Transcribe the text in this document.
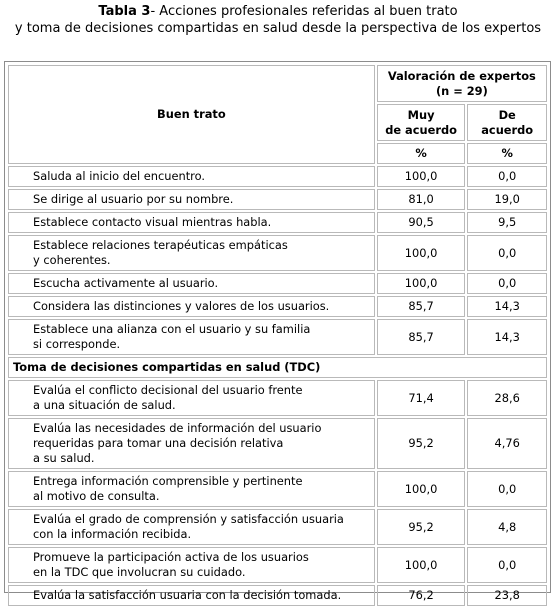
Tabla 3- Acciones profesionales referidas al buen trato
y toma de decisiones compartidas en salud desde la perspectiva de los expertos
Buen trato	Valoración de expertos
(n = 29)	
	Muy
de acuerdo	De
acuerdo
	%	%
Saluda al inicio del encuentro.	100,0	0,0
Se dirige al usuario por su nombre.	81,0	19,0
Establece contacto visual mientras habla.	90,5	9,5
Establece relaciones terapéuticas empáticas
y coherentes.	100,0	0,0
Escucha activamente al usuario.	100,0	0,0
Considera las distinciones y valores de los usuarios.	85,7	14,3
Establece una alianza con el usuario y su familia
si corresponde.	85,7	14,3
Toma de decisiones compartidas en salud (TDC)		
Evalúa el conflicto decisional del usuario frente
a una situación de salud.	71,4	28,6
Evalúa las necesidades de información del usuario
requeridas para tomar una decisión relativa
a su salud.	95,2	4,76
Entrega información comprensible y pertinente
al motivo de consulta.	100,0	0,0
Evalúa el grado de comprensión y satisfacción usuaria
con la información recibida.	95,2	4,8
Promueve la participación activa de los usuarios
en la TDC que involucran su cuidado.	100,0	0,0
Evalúa la satisfacción usuaria con la decisión tomada.	76,2	23,8
